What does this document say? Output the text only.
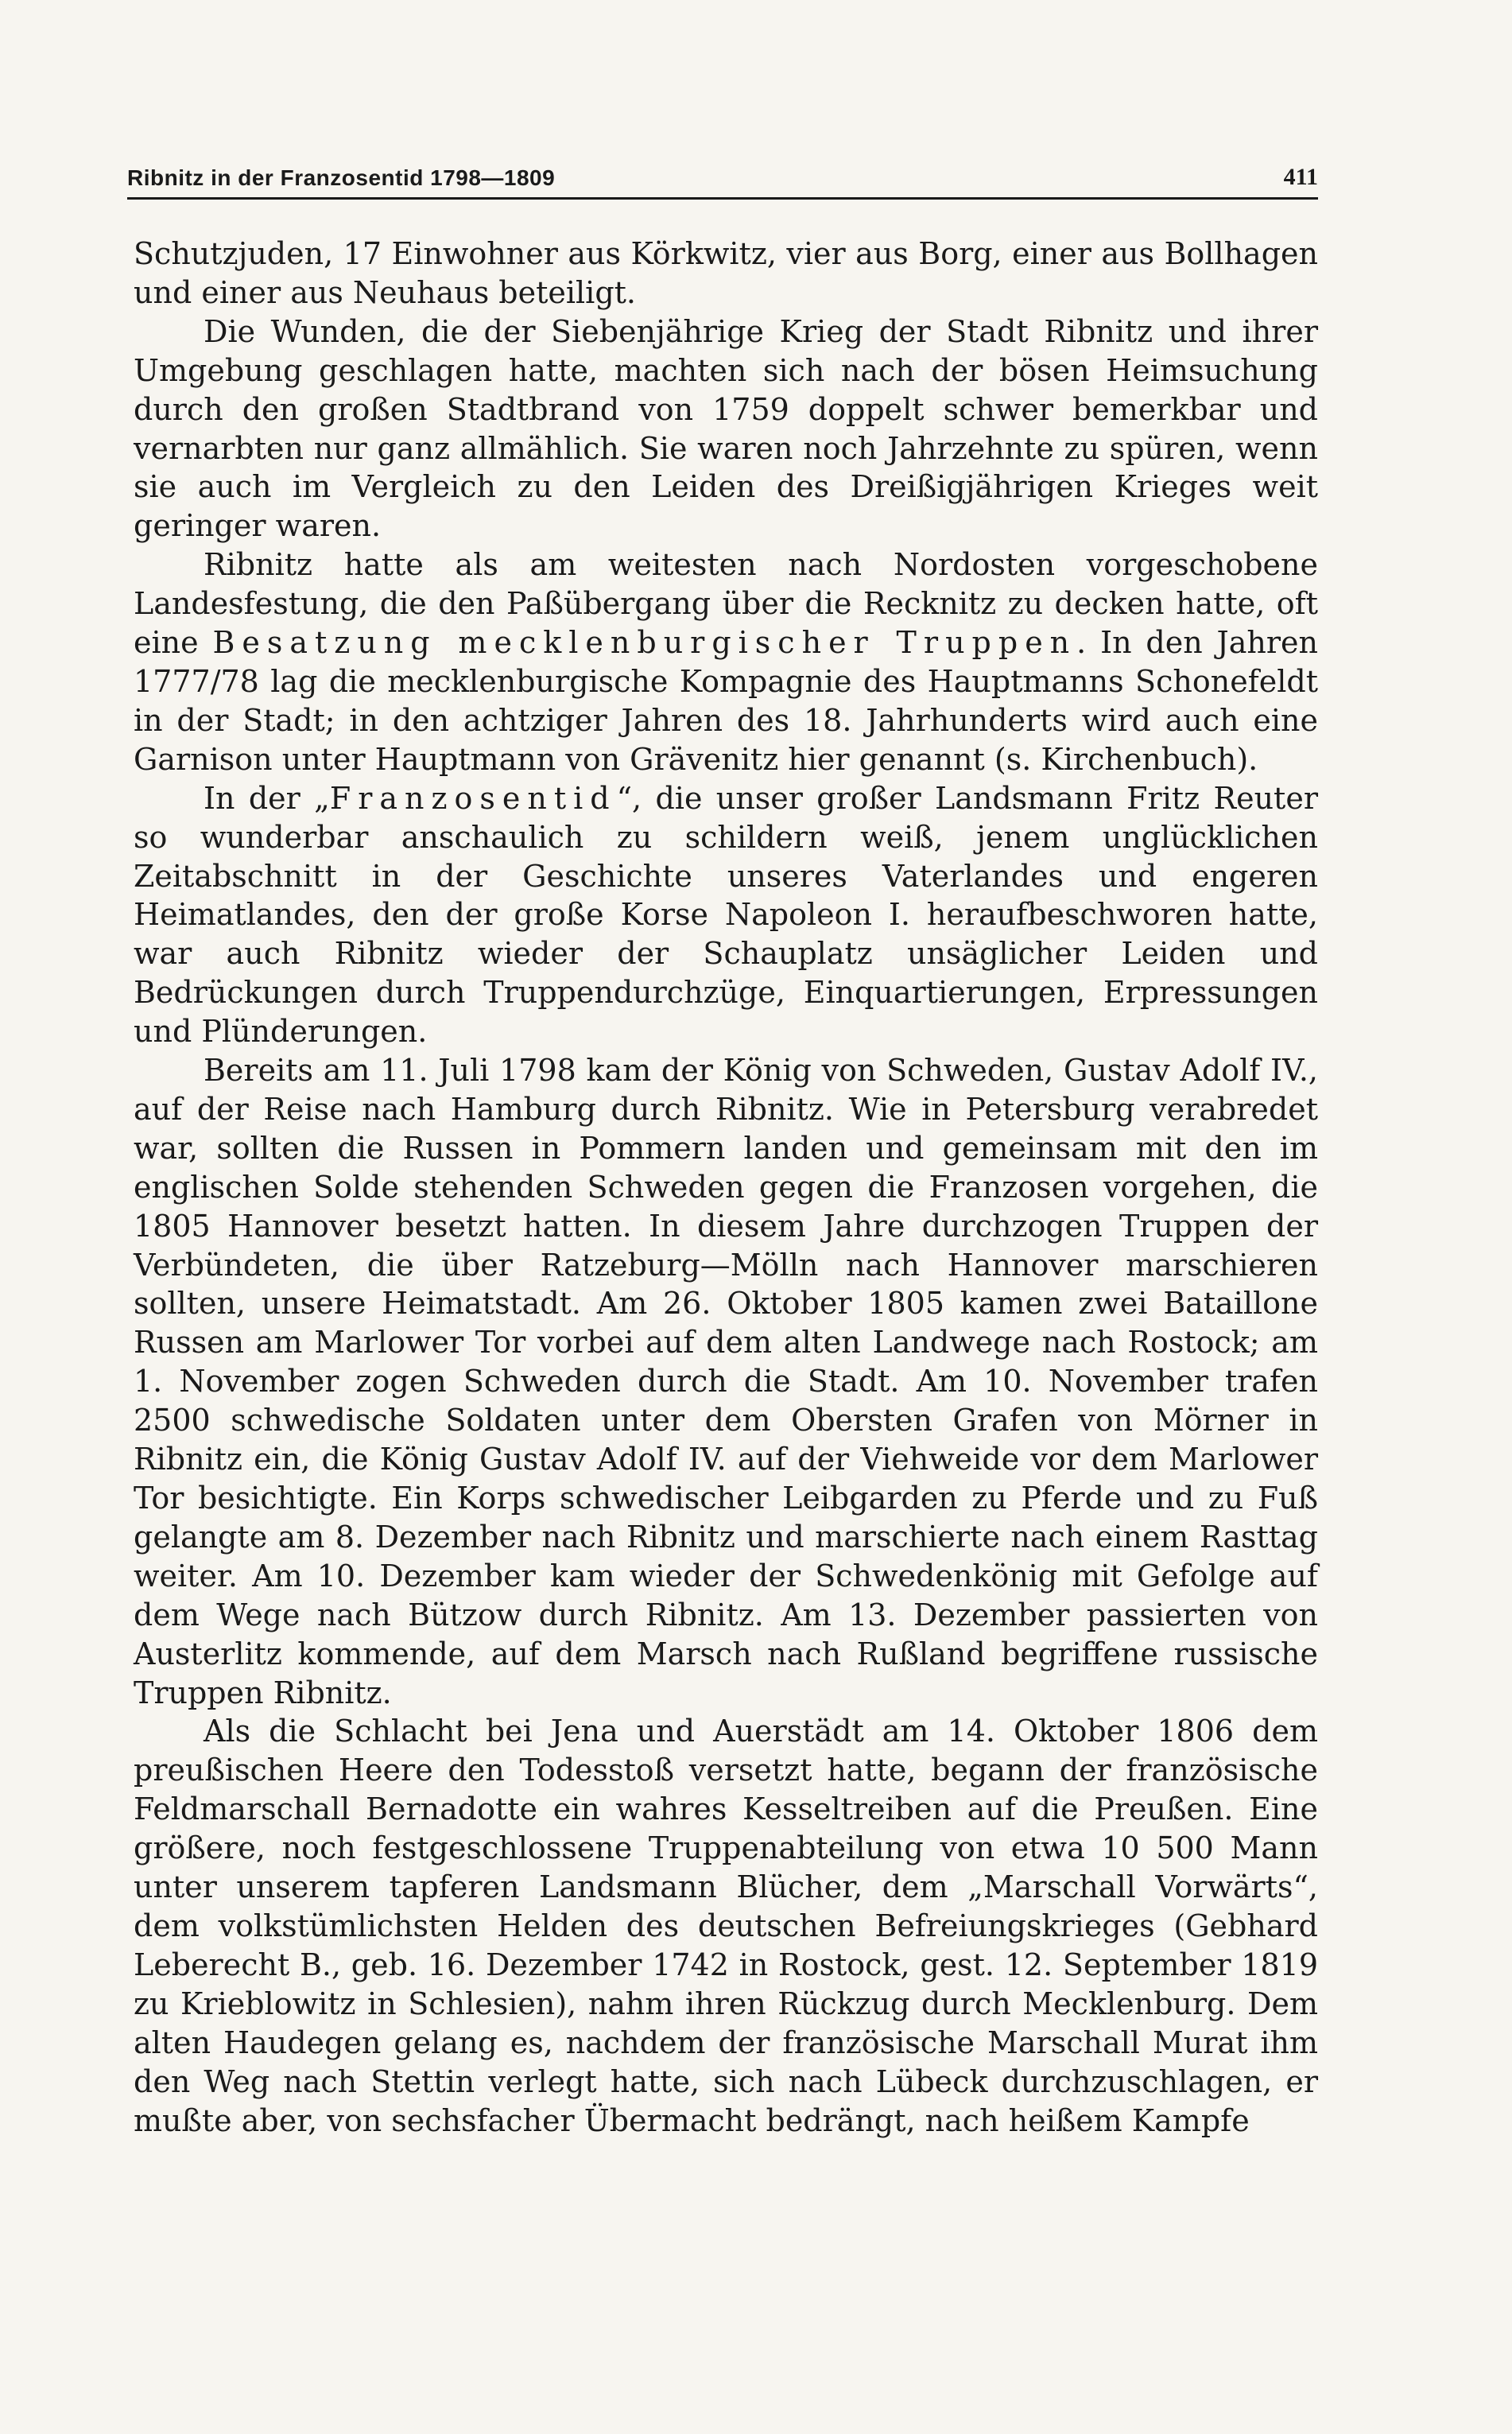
Ribnitz in der Franzosentid 1798—1809	411

Schutzjuden, 17 Einwohner aus Körkwitz, vier aus Borg, einer aus Bollhagen und einer aus Neuhaus beteiligt.

Die Wunden, die der Siebenjährige Krieg der Stadt Ribnitz und ihrer Umgebung geschlagen hatte, machten sich nach der bösen Heimsuchung durch den großen Stadtbrand von 1759 doppelt schwer bemerkbar und vernarbten nur ganz allmählich. Sie waren noch Jahrzehnte zu spüren, wenn sie auch im Vergleich zu den Leiden des Dreißigjährigen Krieges weit geringer waren.

Ribnitz hatte als am weitesten nach Nordosten vorgeschobene Landesfestung, die den Paßübergang über die Recknitz zu decken hatte, oft eine Besatzung mecklenburgischer Truppen. In den Jahren 1777/78 lag die mecklenburgische Kompagnie des Hauptmanns Schonefeldt in der Stadt; in den achtziger Jahren des 18. Jahrhunderts wird auch eine Garnison unter Hauptmann von Grävenitz hier genannt (s. Kirchenbuch).

In der „Franzosentid“, die unser großer Landsmann Fritz Reuter so wunderbar anschaulich zu schildern weiß, jenem unglücklichen Zeitabschnitt in der Geschichte unseres Vaterlandes und engeren Heimatlandes, den der große Korse Napoleon I. heraufbeschworen hatte, war auch Ribnitz wieder der Schauplatz unsäglicher Leiden und Bedrückungen durch Truppendurchzüge, Einquartierungen, Erpressungen und Plünderungen.

Bereits am 11. Juli 1798 kam der König von Schweden, Gustav Adolf IV., auf der Reise nach Hamburg durch Ribnitz. Wie in Petersburg verabredet war, sollten die Russen in Pommern landen und gemeinsam mit den im englischen Solde stehenden Schweden gegen die Franzosen vorgehen, die 1805 Hannover besetzt hatten. In diesem Jahre durchzogen Truppen der Verbündeten, die über Ratzeburg—Mölln nach Hannover marschieren sollten, unsere Heimatstadt. Am 26. Oktober 1805 kamen zwei Bataillone Russen am Marlower Tor vorbei auf dem alten Landwege nach Rostock; am 1. November zogen Schweden durch die Stadt. Am 10. November trafen 2500 schwedische Soldaten unter dem Obersten Grafen von Mörner in Ribnitz ein, die König Gustav Adolf IV. auf der Viehweide vor dem Marlower Tor besichtigte. Ein Korps schwedischer Leibgarden zu Pferde und zu Fuß gelangte am 8. Dezember nach Ribnitz und marschierte nach einem Rasttag weiter. Am 10. Dezember kam wieder der Schwedenkönig mit Gefolge auf dem Wege nach Bützow durch Ribnitz. Am 13. Dezember passierten von Austerlitz kommende, auf dem Marsch nach Rußland begriffene russische Truppen Ribnitz.

Als die Schlacht bei Jena und Auerstädt am 14. Oktober 1806 dem preußischen Heere den Todesstoß versetzt hatte, begann der französische Feldmarschall Bernadotte ein wahres Kesseltreiben auf die Preußen. Eine größere, noch festgeschlossene Truppenabteilung von etwa 10 500 Mann unter unserem tapferen Landsmann Blücher, dem „Marschall Vorwärts“, dem volkstümlichsten Helden des deutschen Befreiungskrieges (Gebhard Leberecht B., geb. 16. Dezember 1742 in Rostock, gest. 12. September 1819 zu Krieblowitz in Schlesien), nahm ihren Rückzug durch Mecklenburg. Dem alten Haudegen gelang es, nachdem der französische Marschall Murat ihm den Weg nach Stettin verlegt hatte, sich nach Lübeck durchzuschlagen, er mußte aber, von sechsfacher Übermacht bedrängt, nach heißem Kampfe
